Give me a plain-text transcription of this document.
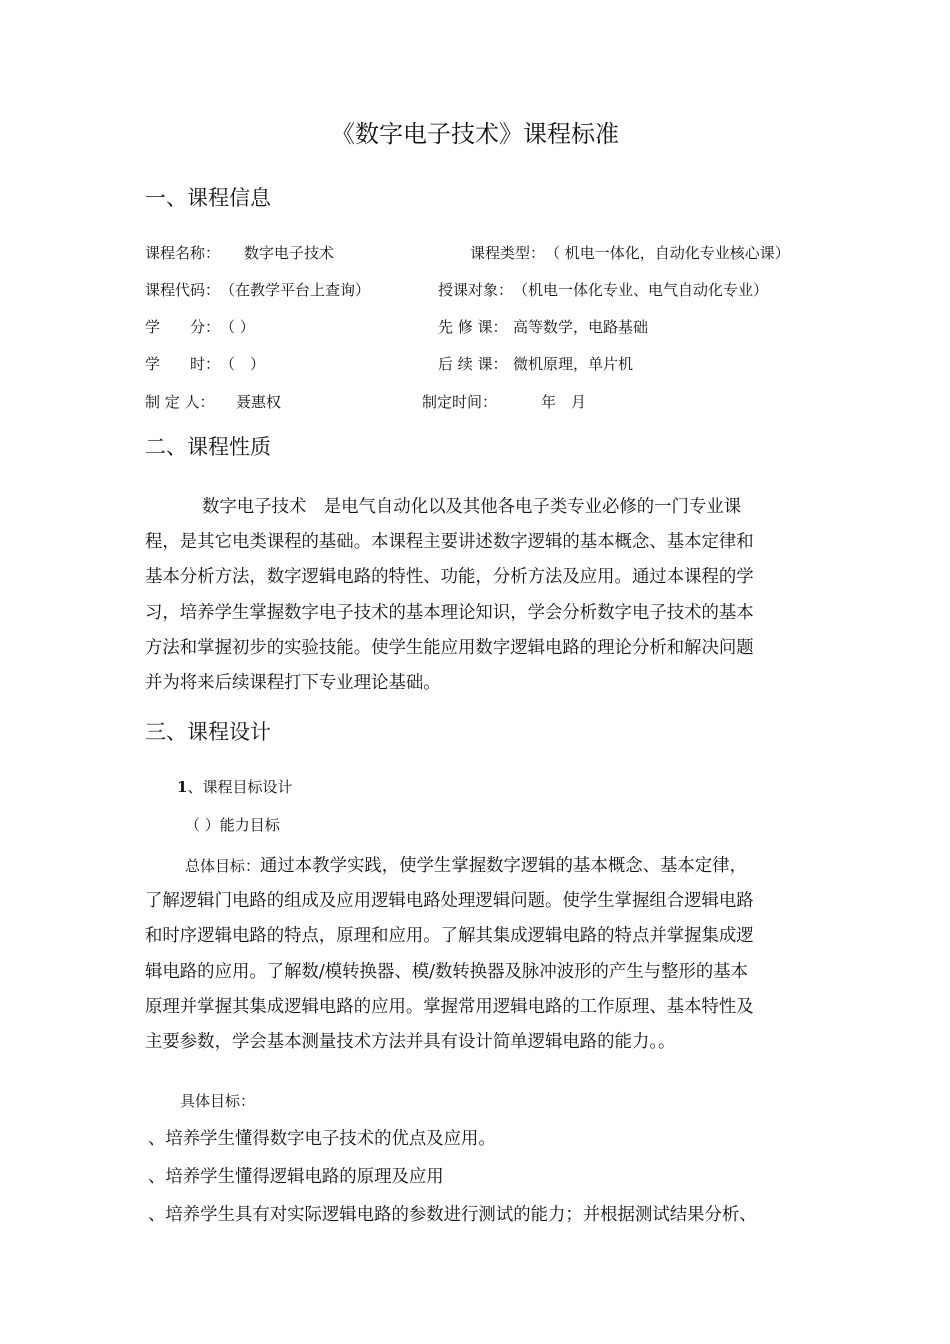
《数字电子技术》课程标准
一、课程信息
课程名称： 数字电子技术	课程类型： （ 机电一体化，自动化专业核心课）
课程代码： （在教学平台上查询）	授课对象： （机电一体化专业、电气自动化专业）
学　　分： （ ）	先 修 课： 高等数学，电路基础
学　　时： （　）	后 续 课： 微机原理，单片机
制 定 人： 聂惠权	制定时间：	年　月
二、课程性质
数字电子技术　是电气自动化以及其他各电子类专业必修的一门专业课
程，是其它电类课程的基础。本课程主要讲述数字逻辑的基本概念、基本定律和
基本分析方法，数字逻辑电路的特性、功能，分析方法及应用。通过本课程的学
习，培养学生掌握数字电子技术的基本理论知识，学会分析数字电子技术的基本
方法和掌握初步的实验技能。使学生能应用数字逻辑电路的理论分析和解决问题
并为将来后续课程打下专业理论基础。
三、课程设计
1、课程目标设计
（ ）能力目标
总体目标：通过本教学实践，使学生掌握数字逻辑的基本概念、基本定律，
了解逻辑门电路的组成及应用逻辑电路处理逻辑问题。使学生掌握组合逻辑电路
和时序逻辑电路的特点，原理和应用。了解其集成逻辑电路的特点并掌握集成逻
辑电路的应用。了解数/模转换器、模/数转换器及脉冲波形的产生与整形的基本
原理并掌握其集成逻辑电路的应用。掌握常用逻辑电路的工作原理、基本特性及
主要参数，学会基本测量技术方法并具有设计简单逻辑电路的能力。。
具体目标：
、培养学生懂得数字电子技术的优点及应用。
、培养学生懂得逻辑电路的原理及应用
、培养学生具有对实际逻辑电路的参数进行测试的能力；并根据测试结果分析、
